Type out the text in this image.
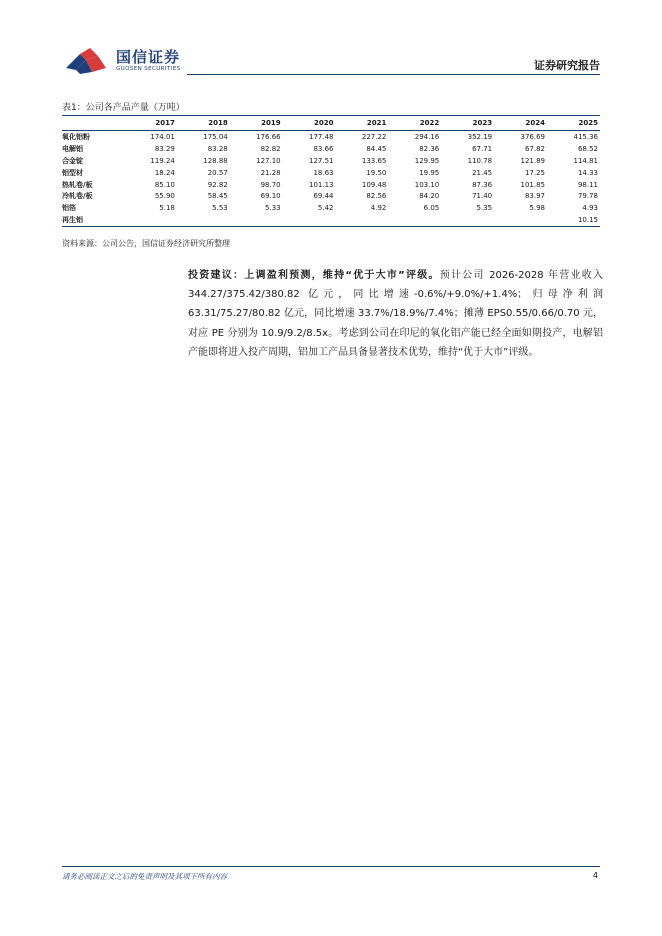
国信证券
GUOSEN SECURITIES	证券研究报告
表1：公司各产品产量（万吨）
	2017	2018	2019	2020	2021	2022	2023	2024	2025
氧化铝粉	174.01	175.04	176.66	177.48	227.22	294.16	352.19	376.69	415.36
电解铝	83.29	83.28	82.82	83.66	84.45	82.36	67.71	67.82	68.52
合金锭	119.24	128.88	127.10	127.51	133.65	129.95	110.78	121.89	114.81
铝型材	18.24	20.57	21.28	18.63	19.50	19.95	21.45	17.25	14.33
热轧卷/板	85.10	92.82	98.70	101.13	109.48	103.10	87.36	101.85	98.11
冷轧卷/板	55.90	58.45	69.10	69.44	82.56	84.20	71.40	83.97	79.78
铝箔	5.18	5.53	5.33	5.42	4.92	6.05	5.35	5.98	4.93
再生铝									10.15
资料来源：公司公告，国信证券经济研究所整理
投资建议：上调盈利预测，维持“优于大市”评级。预计公司 2026-2028 年营业收入 344.27/375.42/380.82 亿元，同比增速-0.6%/+9.0%/+1.4%；归母净利润 63.31/75.27/80.82 亿元，同比增速 33.7%/18.9%/7.4%；摊薄 EPS0.55/0.66/0.70 元，对应 PE 分别为 10.9/9.2/8.5x。考虑到公司在印尼的氧化铝产能已经全面如期投产，电解铝产能即将进入投产周期，铝加工产品具备显著技术优势，维持“优于大市”评级。
请务必阅读正文之后的免责声明及其项下所有内容	4
